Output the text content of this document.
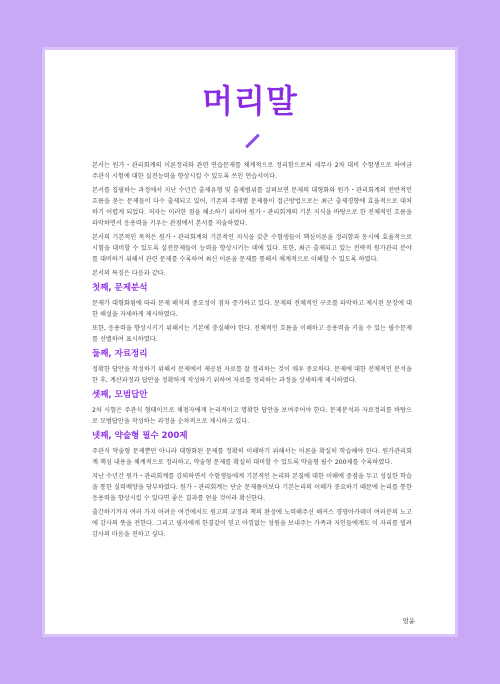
머리말

본서는 원가・관리회계의 이론정리와 관련 연습문제를 체계적으로 정리함으로써 세무사 2차 대비 수험생으로 하여금 주관식 시험에 대한 실전능력을 향상시킬 수 있도록 쓰인 연습서이다.

본서를 집필하는 과정에서 지난 수년간 출제유형 및 출제범위를 살펴보면 문제의 대형화와 원가・관리회계의 전반적인 흐름을 묻는 문제들이 다수 출제되고 있어, 기존의 주제별 문제풀이 접근방법으로는 최근 출제경향에 효율적으로 대처하기 어렵게 되었다. 저자는 이러한 점을 해소하기 위하여 원가・관리회계의 기본 지식을 바탕으로 한 전체적인 흐름을 파악하면서 응용력을 키우는 관점에서 본서를 저술하였다.

본서의 기본적인 목적은 원가・관리회계의 기본적인 지식을 갖춘 수험생들이 핵심이론을 정리함과 동시에 효율적으로 시험을 대비할 수 있도록 실전문제들이 능력을 향상시키는 데에 있다. 또한, 최근 출제되고 있는 전략적 원가관리 분야를 대비하기 위해서 관련 문제를 수록하여 최신 이론을 문제를 통해서 체계적으로 이해할 수 있도록 하였다.

본서의 특징은 다음과 같다.

첫째, 문제분석

문제가 대형화됨에 따라 문제 해석의 중요성이 점차 증가하고 있다. 문제의 전체적인 구조를 파악하고 제시된 문장에 대한 해설을 자세하게 제시하였다.

또한, 응용력을 향상시키기 위해서는 기본에 충실해야 한다. 전체적인 흐름을 이해하고 응용력을 키울 수 있는 필수문제를 선별하여 표시하였다.

둘째, 자료정리

정확한 답안을 작성하기 위해서 문제에서 제공된 자료를 잘 정리하는 것이 매우 중요하다. 문제에 대한 전체적인 분석을 한 후, 계산과정과 답안을 정확하게 작성하기 위하여 자료를 정리하는 과정을 상세하게 제시하였다.

셋째, 모범답안

2차 시험은 주관식 형태이므로 채점자에게 논리적이고 명확한 답안을 보여주어야 한다. 문제분석과 자료정리를 바탕으로 모범답안을 작성하는 과정을 순차적으로 제시하고 있다.

넷째, 약술형 필수 200제

주관식 약술형 문제뿐만 아니라 대형화된 문제를 정확히 이해하기 위해서는 이론을 확실히 학습해야 한다. 원가관리회계 핵심 내용을 체계적으로 정리하고, 약술형 문제를 확실히 대비할 수 있도록 약술형 필수 200제를 수록하였다.

지난 수년간 원가・관리회계를 강의하면서 수험생들에게 기본적인 논리와 본질에 대한 이해에 중점을 두고 성실한 학습을 통한 실력배양을 당부하였다. 원가・관리회계는 단순 문제풀이보다 기본논리의 이해가 중요하기 때문에 논리를 통한 응용력을 향상시킬 수 있다면 좋은 결과를 얻을 것이라 확신한다.

출간하기까지 여러 가지 어려운 여건에서도 원고의 교정과 책의 완성에 노력해주신 해커스 경영아카데미 여러분의 노고에 감사의 뜻을 전한다. 그리고 필자에게 한결같이 믿고 아낌없는 성원을 보내주는 가족과 지인들에게도 이 자리를 빌려 감사의 마음을 전하고 싶다.

엄윤
